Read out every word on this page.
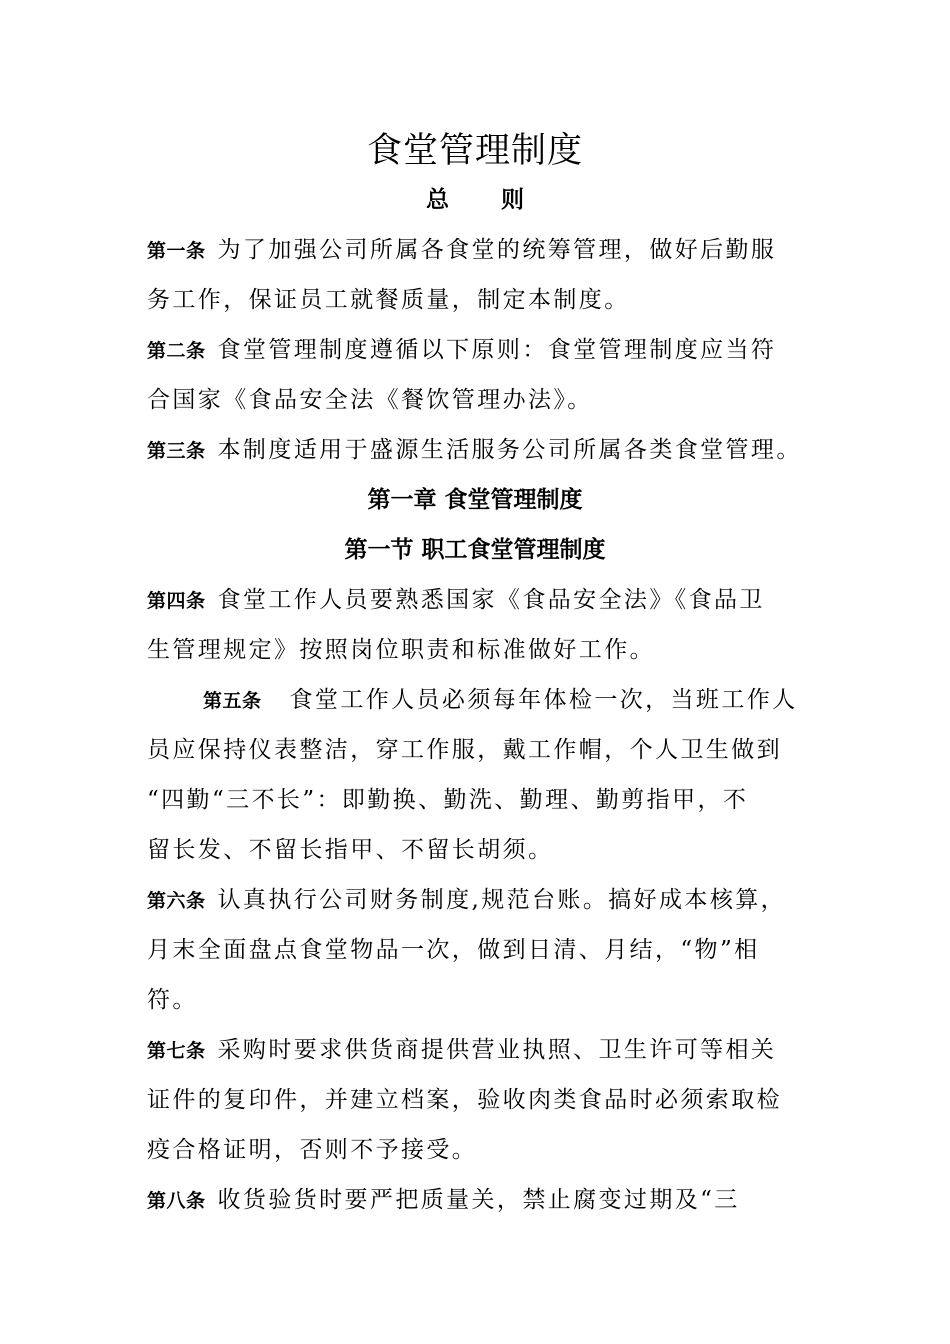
食堂管理制度
总 则
第一条 为了加强公司所属各食堂的统筹管理，做好后勤服
务工作，保证员工就餐质量，制定本制度。
第二条 食堂管理制度遵循以下原则：食堂管理制度应当符
合国家《食品安全法《餐饮管理办法》。
第三条 本制度适用于盛源生活服务公司所属各类食堂管理。
第一章 食堂管理制度
第一节 职工食堂管理制度
第四条 食堂工作人员要熟悉国家《食品安全法》《食品卫
生管理规定》按照岗位职责和标准做好工作。
第五条 食堂工作人员必须每年体检一次，当班工作人
员应保持仪表整洁，穿工作服，戴工作帽，个人卫生做到
“四勤“三不长”：即勤换、勤洗、勤理、勤剪指甲，不
留长发、不留长指甲、不留长胡须。
第六条 认真执行公司财务制度,规范台账。搞好成本核算，
月末全面盘点食堂物品一次，做到日清、月结，“物”相
符。
第七条 采购时要求供货商提供营业执照、卫生许可等相关
证件的复印件，并建立档案，验收肉类食品时必须索取检
疫合格证明，否则不予接受。
第八条 收货验货时要严把质量关，禁止腐变过期及“三
